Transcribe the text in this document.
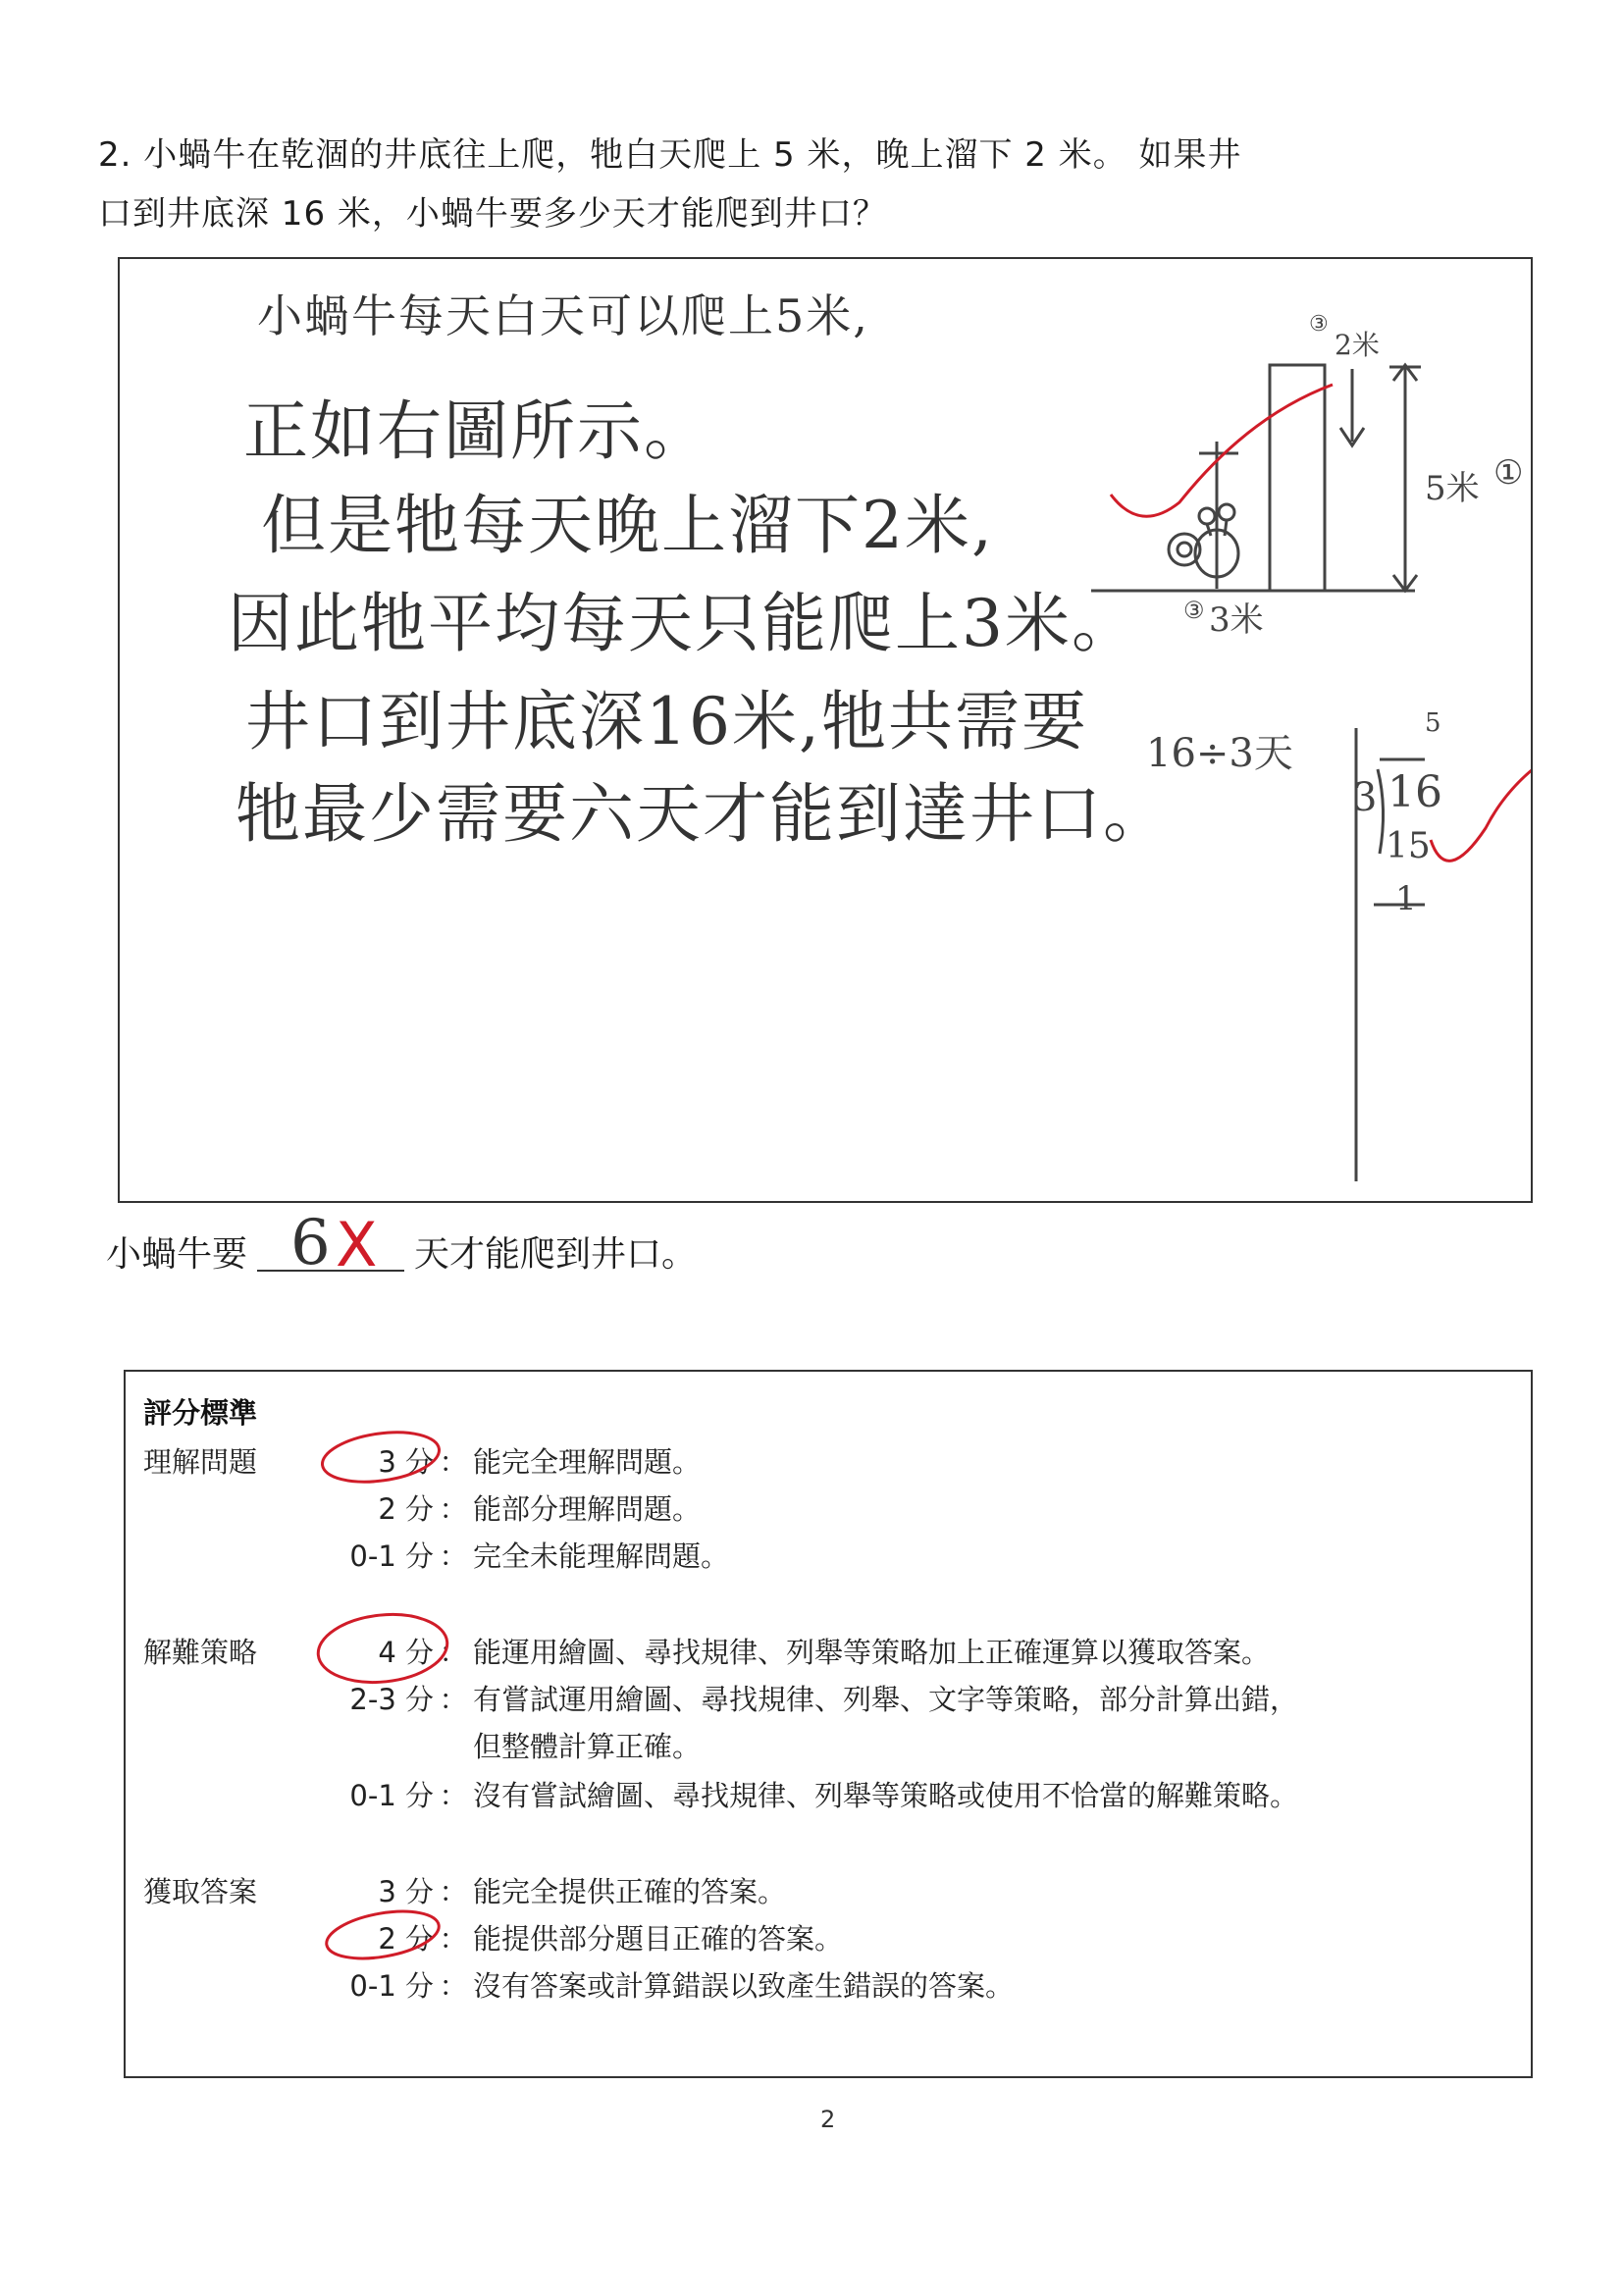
2. 小蝸牛在乾涸的井底往上爬，牠白天爬上 5 米，晚上溜下 2 米。 如果井
口到井底深 16 米，小蝸牛要多少天才能爬到井口？
小蝸牛每天白天可以爬上5米,
正如右圖所示。
但是牠每天晚上溜下2米,
因此牠平均每天只能爬上3米。
井口到井底深16米,牠共需要
牠最少需要六天才能到達井口。
16÷3天
③
2米
5米 ①
③ 3米
5
3 16
15
1
小蝸牛要 6 X 天才能爬到井口。
評分標準
理解問題	3 分 ： 能完全理解問題。
2 分 ： 能部分理解問題。
0-1 分 ： 完全未能理解問題。
解難策略	4 分 ： 能運用繪圖、尋找規律、列舉等策略加上正確運算以獲取答案。
2-3 分 ： 有嘗試運用繪圖、尋找規律、列舉、文字等策略，部分計算出錯，
但整體計算正確。
0-1 分 ： 沒有嘗試繪圖、尋找規律、列舉等策略或使用不恰當的解難策略。
獲取答案	3 分 ： 能完全提供正確的答案。
2 分 ： 能提供部分題目正確的答案。
0-1 分 ： 沒有答案或計算錯誤以致產生錯誤的答案。
2
